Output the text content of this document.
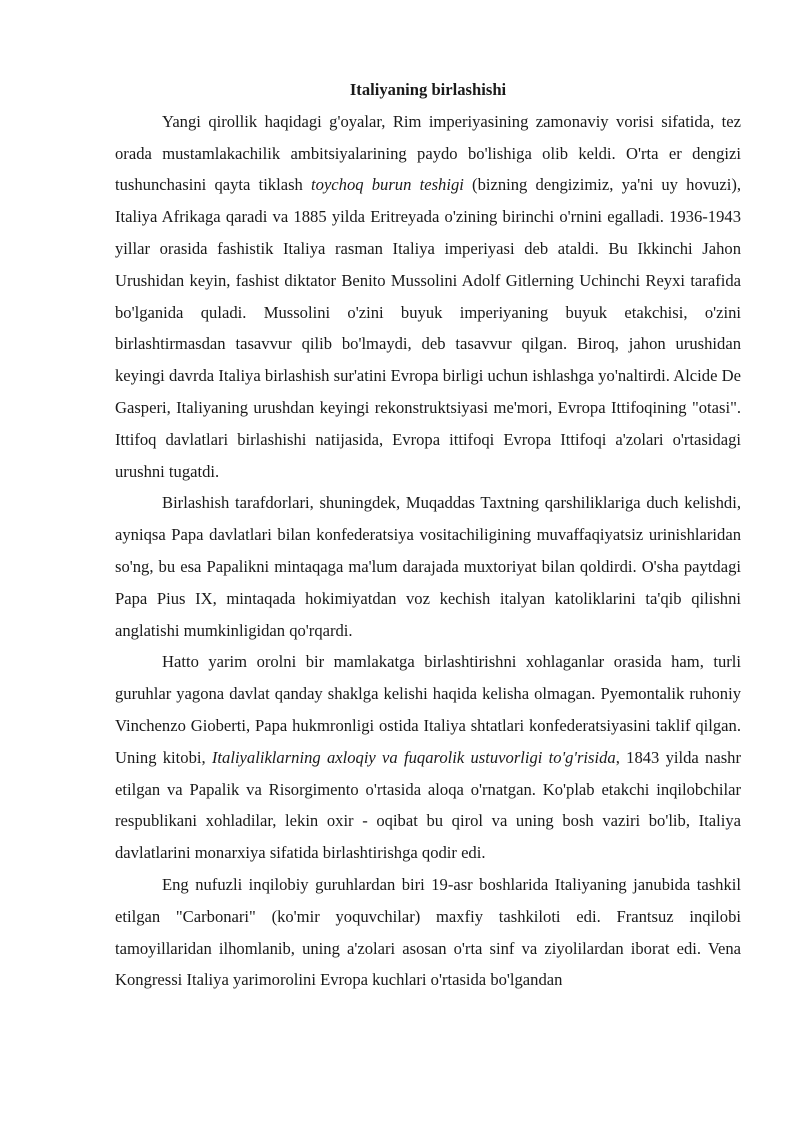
Italiyaning birlashishi

Yangi qirollik haqidagi g'oyalar, Rim imperiyasining zamonaviy vorisi sifatida, tez orada mustamlakachilik ambitsiyalarining paydo bo'lishiga olib keldi. O'rta er dengizi tushunchasini qayta tiklash toychoq burun teshigi (bizning dengizimiz, ya'ni uy hovuzi), Italiya Afrikaga qaradi va 1885 yilda Eritreyada o'zining birinchi o'rnini egalladi. 1936-1943 yillar orasida fashistik Italiya rasman Italiya imperiyasi deb ataldi. Bu Ikkinchi Jahon Urushidan keyin, fashist diktator Benito Mussolini Adolf Gitlerning Uchinchi Reyxi tarafida bo'lganida quladi. Mussolini o'zini buyuk imperiyaning buyuk etakchisi, o'zini birlashtirmasdan tasavvur qilib bo'lmaydi, deb tasavvur qilgan. Biroq, jahon urushidan keyingi davrda Italiya birlashish sur'atini Evropa birligi uchun ishlashga yo'naltirdi. Alcide De Gasperi, Italiyaning urushdan keyingi rekonstruktsiyasi me'mori, Evropa Ittifoqining "otasi". Ittifoq davlatlari birlashishi natijasida, Evropa ittifoqi Evropa Ittifoqi a'zolari o'rtasidagi urushni tugatdi.

Birlashish tarafdorlari, shuningdek, Muqaddas Taxtning qarshiliklariga duch kelishdi, ayniqsa Papa davlatlari bilan konfederatsiya vositachiligining muvaffaqiyatsiz urinishlaridan so'ng, bu esa Papalikni mintaqaga ma'lum darajada muxtoriyat bilan qoldirdi. O'sha paytdagi Papa Pius IX, mintaqada hokimiyatdan voz kechish italyan katoliklarini ta'qib qilishni anglatishi mumkinligidan qo'rqardi.

Hatto yarim orolni bir mamlakatga birlashtirishni xohlaganlar orasida ham, turli guruhlar yagona davlat qanday shaklga kelishi haqida kelisha olmagan. Pyemontalik ruhoniy Vinchenzo Gioberti, Papa hukmronligi ostida Italiya shtatlari konfederatsiyasini taklif qilgan. Uning kitobi, Italiyaliklarning axloqiy va fuqarolik ustuvorligi to'g'risida, 1843 yilda nashr etilgan va Papalik va Risorgimento o'rtasida aloqa o'rnatgan. Ko'plab etakchi inqilobchilar respublikani xohladilar, lekin oxir - oqibat bu qirol va uning bosh vaziri bo'lib, Italiya davlatlarini monarxiya sifatida birlashtirishga qodir edi.

Eng nufuzli inqilobiy guruhlardan biri 19-asr boshlarida Italiyaning janubida tashkil etilgan "Carbonari" (ko'mir yoquvchilar) maxfiy tashkiloti edi. Frantsuz inqilobi tamoyillaridan ilhomlanib, uning a'zolari asosan o'rta sinf va ziyolilardan iborat edi. Vena Kongressi Italiya yarimorolini Evropa kuchlari o'rtasida bo'lgandan
